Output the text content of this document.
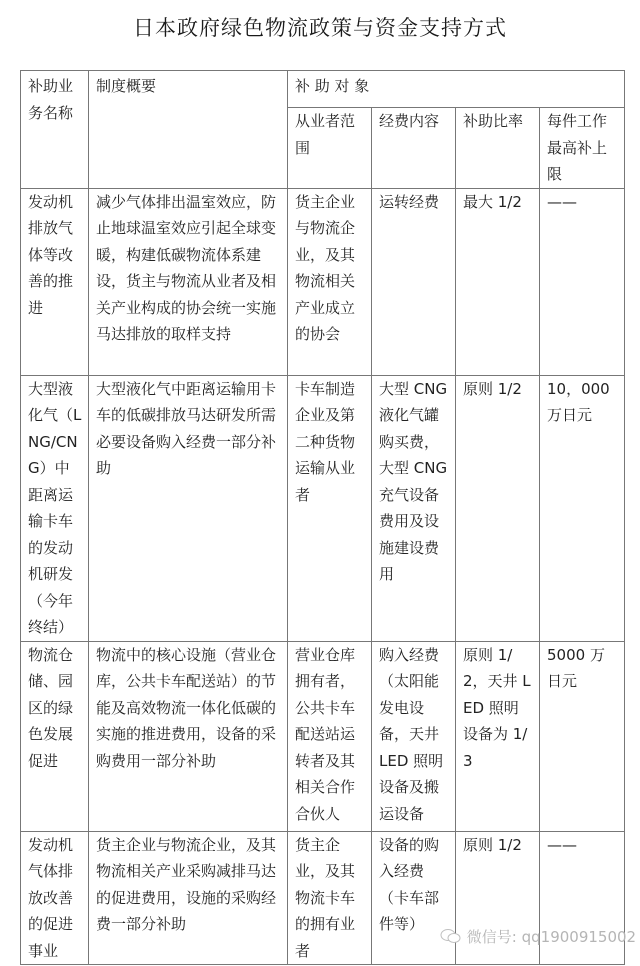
日本政府绿色物流政策与资金支持方式
补助业务名称	制度概要	补 助 对 象			
		从业者范围	经费内容	补助比率	每件工作最高补上限
发动机排放气体等改善的推进	减少气体排出温室效应，防止地球温室效应引起全球变暖，构建低碳物流体系建设，货主与物流从业者及相关产业构成的协会统一实施马达排放的取样支持	货主企业与物流企业，及其物流相关产业成立的协会	运转经费	最大 1/2	——
大型液化气（LNG/CNG）中距离运输卡车的发动机研发（今年终结）	大型液化气中距离运输用卡车的低碳排放马达研发所需必要设备购入经费一部分补助	卡车制造企业及第二种货物运输从业者	大型 CNG 液化气罐购买费，大型 CNG 充气设备费用及设施建设费用	原则 1/2	10，000 万日元
物流仓储、园区的绿色发展促进	物流中的核心设施（营业仓库，公共卡车配送站）的节能及高效物流一体化低碳的实施的推进费用，设备的采购费用一部分补助	营业仓库拥有者，公共卡车配送站运转者及其相关合作合伙人	购入经费（太阳能发电设备，天井 LED 照明设备及搬运设备	原则 1/2，天井 LED 照明设备为 1/3	5000 万日元
发动机气体排放改善的促进事业	货主企业与物流企业，及其物流相关产业采购减排马达的促进费用，设施的采购经费一部分补助	货主企业，及其物流卡车的拥有业者	设备的购入经费（卡车部件等）	原则 1/2	——
微信号: qq1900915002
